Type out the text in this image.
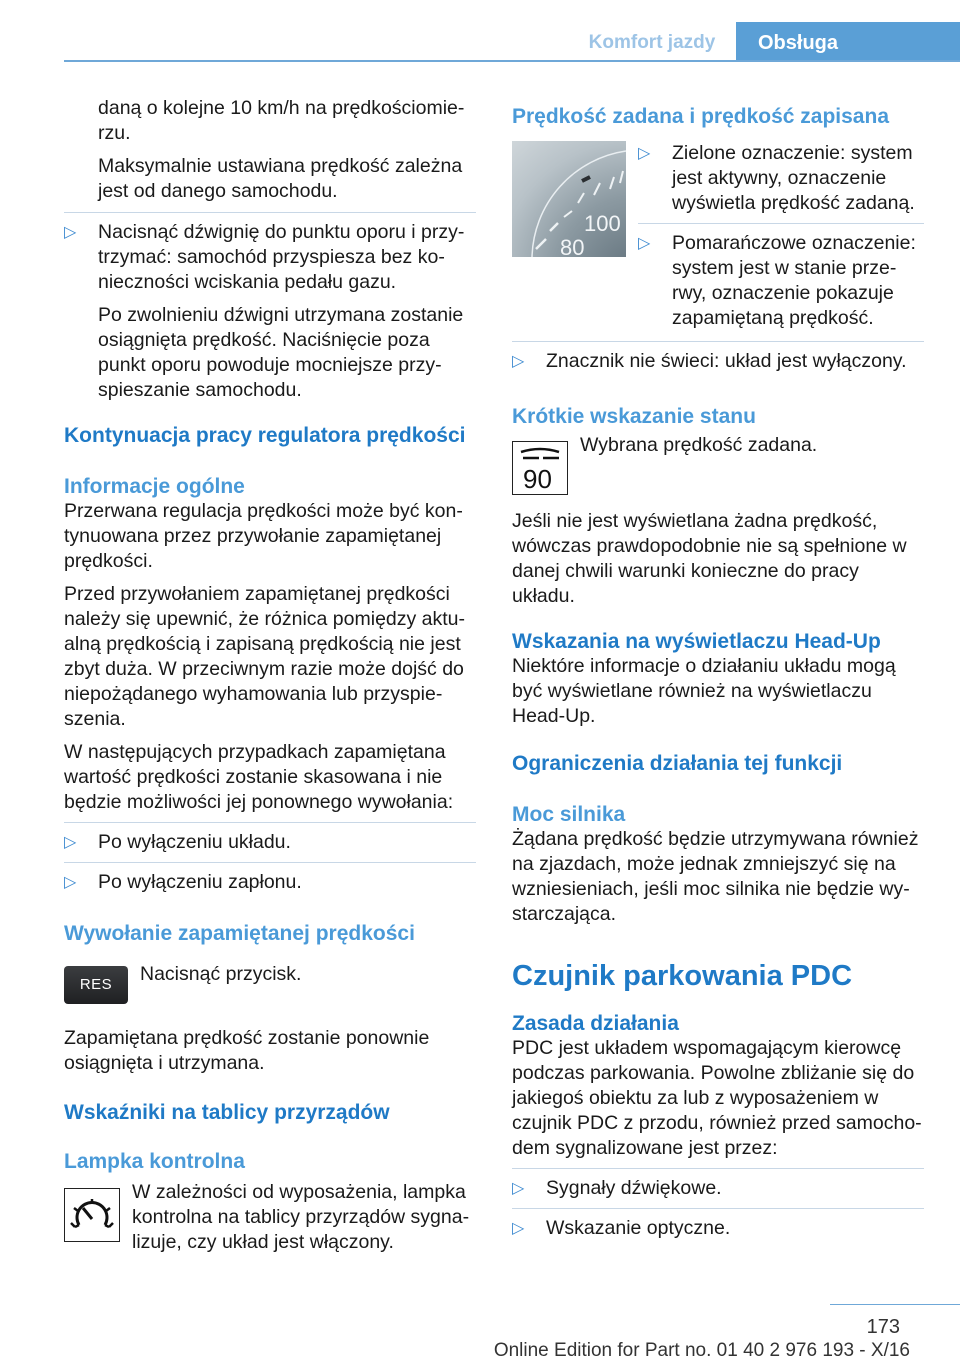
Komfort jazdy	Obsługa

daną o kolejne 10 km/h na prędkościomierzu.

Maksymalnie ustawiana prędkość zależna jest od danego samochodu.

▷	Nacisnąć dźwignię do punktu oporu i przytrzymać: samochód przyspiesza bez konieczności wciskania pedału gazu.
Po zwolnieniu dźwigni utrzymana zostanie osiągnięta prędkość. Naciśnięcie poza punkt oporu powoduje mocniejsze przyspieszanie samochodu.
Kontynuacja pracy regulatora prędkości
Informacje ogólne

Przerwana regulacja prędkości może być kontynuowana przez przywołanie zapamiętanej prędkości.

Przed przywołaniem zapamiętanej prędkości należy się upewnić, że różnica pomiędzy aktualną prędkością i zapisaną prędkością nie jest zbyt duża. W przeciwnym razie może dojść do niepożądanego wyhamowania lub przyspieszenia.

W następujących przypadkach zapamiętana wartość prędkości zostanie skasowana i nie będzie możliwości jej ponownego wywołania:

▷	Po wyłączeniu układu.
▷	Po wyłączeniu zapłonu.
Wywołanie zapamiętanej prędkości
RES	Nacisnąć przycisk.

Zapamiętana prędkość zostanie ponownie osiągnięta i utrzymana.

Wskaźniki na tablicy przyrządów
Lampka kontrolna
W zależności od wyposażenia, lampka kontrolna na tablicy przyrządów sygnalizuje, czy układ jest włączony.
Prędkość zadana i prędkość zapisana
100
80
▷	Zielone oznaczenie: system jest aktywny, oznaczenie wyświetla prędkość zadaną.
▷	Pomarańczowe oznaczenie: system jest w stanie przerwy, oznaczenie pokazuje zapamiętaną prędkość.
▷	Znacznik nie świeci: układ jest wyłączony.
Krótkie wskazanie stanu
90
Wybrana prędkość zadana.

Jeśli nie jest wyświetlana żadna prędkość, wówczas prawdopodobnie nie są spełnione w danej chwili warunki konieczne do pracy układu.

Wskazania na wyświetlaczu Head-Up

Niektóre informacje o działaniu układu mogą być wyświetlane również na wyświetlaczu Head-Up.

Ograniczenia działania tej funkcji
Moc silnika

Żądana prędkość będzie utrzymywana również na zjazdach, może jednak zmniejszyć się na wzniesieniach, jeśli moc silnika nie będzie wystarczająca.

Czujnik parkowania PDC
Zasada działania

PDC jest układem wspomagającym kierowcę podczas parkowania. Powolne zbliżanie się do jakiegoś obiektu za lub z wyposażeniem w czujnik PDC z przodu, również przed samochodem sygnalizowane jest przez:

▷	Sygnały dźwiękowe.
▷	Wskazanie optyczne.
173
Online Edition for Part no. 01 40 2 976 193 - X/16
